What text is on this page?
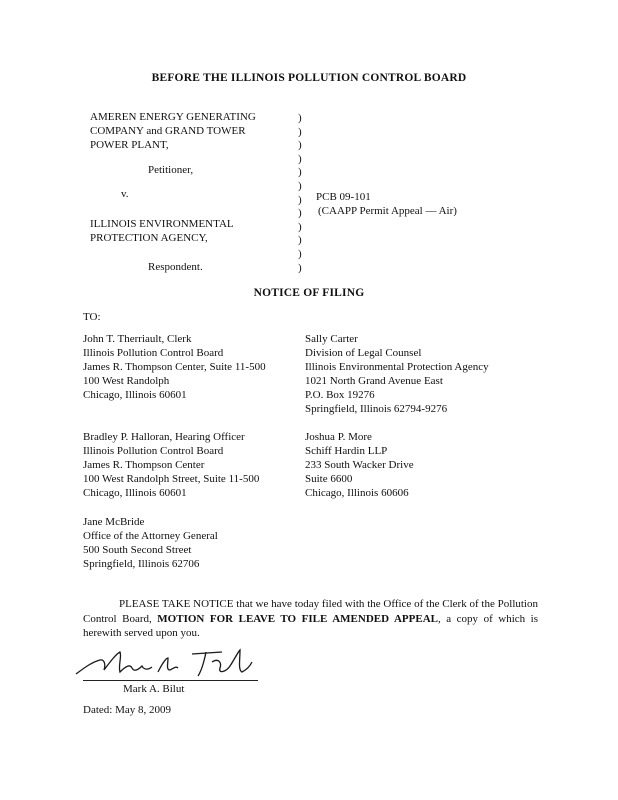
BEFORE THE ILLINOIS POLLUTION CONTROL BOARD
AMEREN ENERGY GENERATING
COMPANY and GRAND TOWER
POWER PLANT,
Petitioner,
v.
ILLINOIS ENVIRONMENTAL
PROTECTION AGENCY,
Respondent.
)
)
)
)
)
)
)
)
)
)
)
)
PCB 09-101
(CAAPP Permit Appeal — Air)
NOTICE OF FILING
TO:
John T. Therriault, Clerk
Illinois Pollution Control Board
James R. Thompson Center, Suite 11-500
100 West Randolph
Chicago, Illinois 60601
Sally Carter
Division of Legal Counsel
Illinois Environmental Protection Agency
1021 North Grand Avenue East
P.O. Box 19276
Springfield, Illinois 62794-9276
Bradley P. Halloran, Hearing Officer
Illinois Pollution Control Board
James R. Thompson Center
100 West Randolph Street, Suite 11-500
Chicago, Illinois 60601
Joshua P. More
Schiff Hardin LLP
233 South Wacker Drive
Suite 6600
Chicago, Illinois 60606
Jane McBride
Office of the Attorney General
500 South Second Street
Springfield, Illinois 62706

PLEASE TAKE NOTICE that we have today filed with the Office of the Clerk of the Pollution Control Board, MOTION FOR LEAVE TO FILE AMENDED APPEAL, a copy of which is herewith served upon you.

Mark A. Bilut
Dated: May 8, 2009
